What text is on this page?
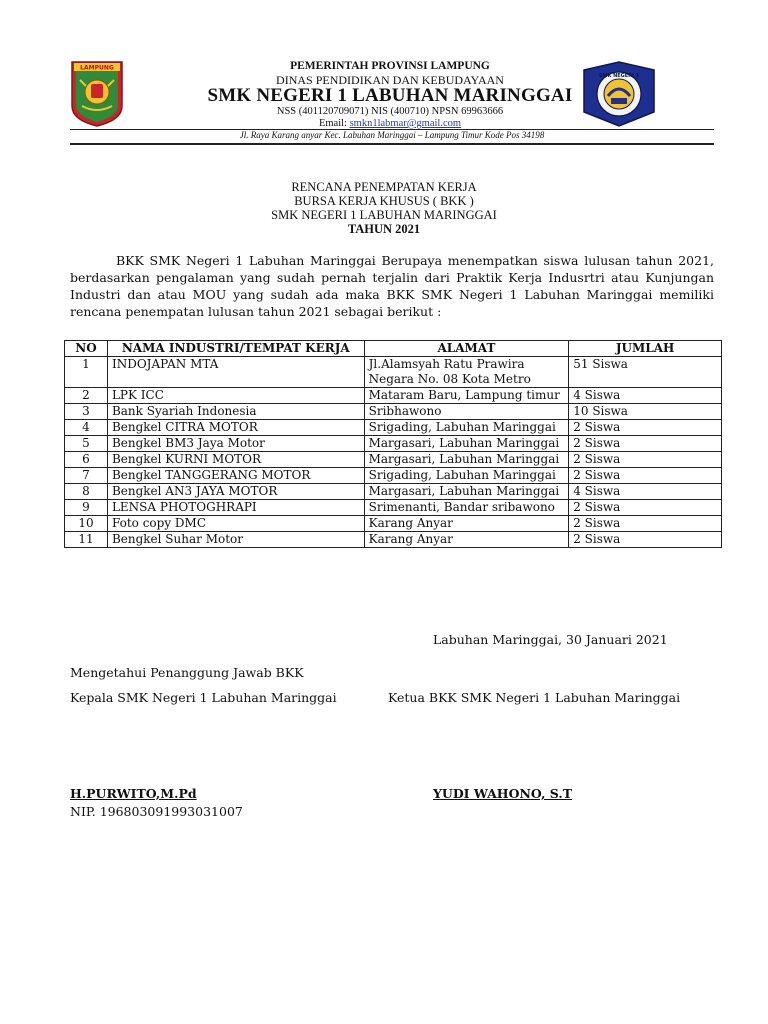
LAMPUNG
SMK NEGERI 1
PEMERINTAH PROVINSI LAMPUNG
DINAS PENDIDIKAN DAN KEBUDAYAAN
SMK NEGERI 1 LABUHAN MARINGGAI
NSS (401120709071) NIS (400710) NPSN 69963666
Email: smkn1labmar@gmail.com
Jl. Raya Karang anyar Kec. Labuhan Maringgai – Lampung Timur Kode Pos 34198
RENCANA PENEMPATAN KERJA
BURSA KERJA KHUSUS ( BKK )
SMK NEGERI 1 LABUHAN MARINGGAI
TAHUN 2021
BKK SMK Negeri 1 Labuhan Maringgai Berupaya menempatkan siswa lulusan tahun 2021, berdasarkan pengalaman yang sudah pernah terjalin dari Praktik Kerja Indusrtri atau Kunjungan Industri dan atau MOU yang sudah ada maka BKK SMK Negeri 1 Labuhan Maringgai memiliki rencana penempatan lulusan tahun 2021 sebagai berikut :
NO	NAMA INDUSTRI/TEMPAT KERJA	ALAMAT	JUMLAH
1	INDOJAPAN MTA	Jl.Alamsyah Ratu Prawira Negara No. 08 Kota Metro	51 Siswa
2	LPK ICC	Mataram Baru, Lampung timur	4 Siswa
3	Bank Syariah Indonesia	Sribhawono	10 Siswa
4	Bengkel CITRA MOTOR	Srigading, Labuhan Maringgai	2 Siswa
5	Bengkel BM3 Jaya Motor	Margasari, Labuhan Maringgai	2 Siswa
6	Bengkel KURNI MOTOR	Margasari, Labuhan Maringgai	2 Siswa
7	Bengkel TANGGERANG MOTOR	Srigading, Labuhan Maringgai	2 Siswa
8	Bengkel AN3 JAYA MOTOR	Margasari, Labuhan Maringgai	4 Siswa
9	LENSA PHOTOGHRAPI	Srimenanti, Bandar sribawono	2 Siswa
10	Foto copy DMC	Karang Anyar	2 Siswa
11	Bengkel Suhar Motor	Karang Anyar	2 Siswa
Labuhan Maringgai, 30 Januari 2021
Mengetahui Penanggung Jawab BKK
Kepala SMK Negeri 1 Labuhan Maringgai	Ketua BKK SMK Negeri 1 Labuhan Maringgai
H.PURWITO,M.Pd	YUDI WAHONO, S.T
NIP. 196803091993031007
